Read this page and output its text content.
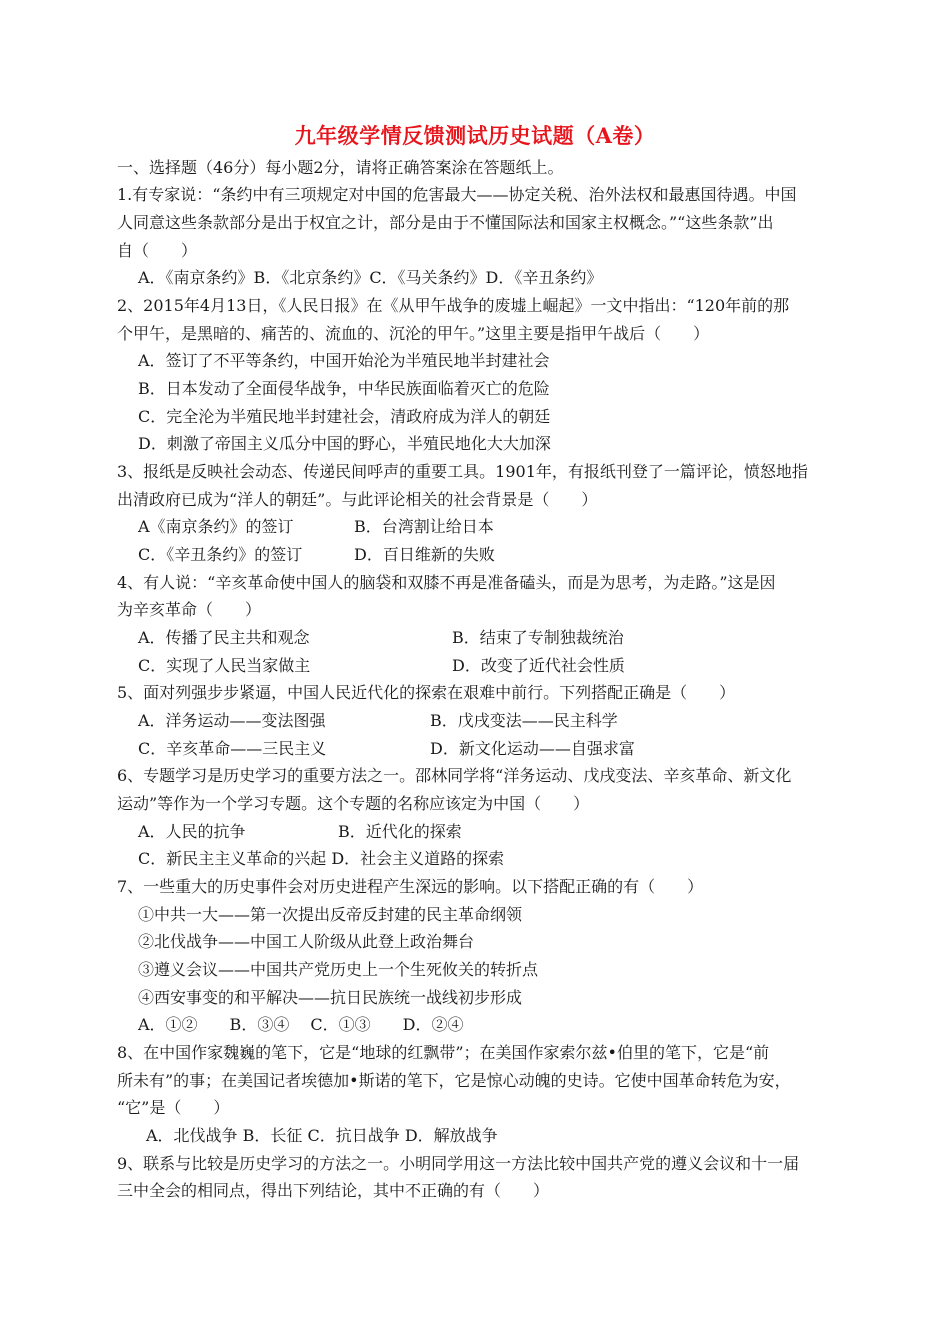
九年级学情反馈测试历史试题（A卷）
一、选择题（46分）每小题2分，请将正确答案涂在答题纸上。
1.有专家说：“条约中有三项规定对中国的危害最大——协定关税、治外法权和最惠国待遇。中国
人同意这些条款部分是出于权宜之计，部分是由于不懂国际法和国家主权概念。”“这些条款”出
自（　　）
A．《南京条约》B．《北京条约》C．《马关条约》D．《辛丑条约》
2、2015年4月13日，《人民日报》在《从甲午战争的废墟上崛起》一文中指出：“120年前的那
个甲午，是黑暗的、痛苦的、流血的、沉沦的甲午。”这里主要是指甲午战后（　　）
A．签订了不平等条约，中国开始沦为半殖民地半封建社会
B．日本发动了全面侵华战争，中华民族面临着灭亡的危险
C．完全沦为半殖民地半封建社会，清政府成为洋人的朝廷
D．刺激了帝国主义瓜分中国的野心，半殖民地化大大加深
3、报纸是反映社会动态、传递民间呼声的重要工具。1901年，有报纸刊登了一篇评论，愤怒地指
出清政府已成为“洋人的朝廷”。与此评论相关的社会背景是（　　）
A《南京条约》的签订	B．台湾割让给日本
C．《辛丑条约》的签订	D．百日维新的失败
4、有人说：“辛亥革命使中国人的脑袋和双膝不再是准备磕头，而是为思考，为走路。”这是因
为辛亥革命（　　）
A．传播了民主共和观念	B．结束了专制独裁统治
C．实现了人民当家做主	D．改变了近代社会性质
5、面对列强步步紧逼，中国人民近代化的探索在艰难中前行。下列搭配正确是（　　）
A．洋务运动——变法图强	B．戊戌变法——民主科学
C．辛亥革命——三民主义	D．新文化运动——自强求富
6、专题学习是历史学习的重要方法之一。邵林同学将“洋务运动、戊戌变法、辛亥革命、新文化
运动”等作为一个学习专题。这个专题的名称应该定为中国（　　）
A．人民的抗争	B．近代化的探索
C．新民主主义革命的兴起 D．社会主义道路的探索
7、一些重大的历史事件会对历史进程产生深远的影响。以下搭配正确的有（　　）
①中共一大——第一次提出反帝反封建的民主革命纲领
②北伐战争——中国工人阶级从此登上政治舞台
③遵义会议——中国共产党历史上一个生死攸关的转折点
④西安事变的和平解决——抗日民族统一战线初步形成
A．①②　　B．③④　 C．①③　　D．②④
8、在中国作家魏巍的笔下，它是“地球的红飘带”；在美国作家索尔兹•伯里的笔下，它是“前
所未有”的事；在美国记者埃德加•斯诺的笔下，它是惊心动魄的史诗。它使中国革命转危为安，
“它”是（　　）
A．北伐战争 B．长征 C．抗日战争 D．解放战争
9、联系与比较是历史学习的方法之一。小明同学用这一方法比较中国共产党的遵义会议和十一届
三中全会的相同点，得出下列结论，其中不正确的有（　　）
